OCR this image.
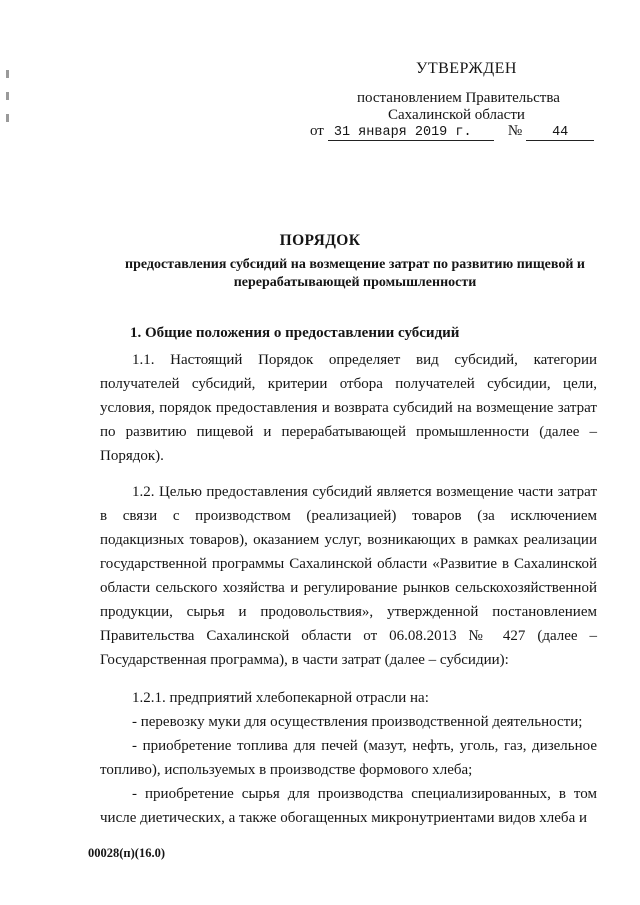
УТВЕРЖДЕН
постановлением Правительства
Сахалинской области
от 31 января 2019 г. № 44
ПОРЯДОК
предоставления субсидий на возмещение затрат по развитию пищевой и перерабатывающей промышленности
1. Общие положения о предоставлении субсидий

1.1. Настоящий Порядок определяет вид субсидий, категории получателей субсидий, критерии отбора получателей субсидии, цели, условия, порядок предоставления и возврата субсидий на возмещение затрат по развитию пищевой и перерабатывающей промышленности (далее – Порядок).

1.2. Целью предоставления субсидий является возмещение части затрат в связи с производством (реализацией) товаров (за исключением подакцизных товаров), оказанием услуг, возникающих в рамках реализации государственной программы Сахалинской области «Развитие в Сахалинской области сельского хозяйства и регулирование рынков сельскохозяйственной продукции, сырья и продовольствия», утвержденной постановлением Правительства Сахалинской области от 06.08.2013 № 427 (далее – Государственная программа), в части затрат (далее – субсидии):

1.2.1. предприятий хлебопекарной отрасли на:

- перевозку муки для осуществления производственной деятельности;

- приобретение топлива для печей (мазут, нефть, уголь, газ, дизельное топливо), используемых в производстве формового хлеба;

- приобретение сырья для производства специализированных, в том числе диетических, а также обогащенных микронутриентами видов хлеба и

00028(п)(16.0)
